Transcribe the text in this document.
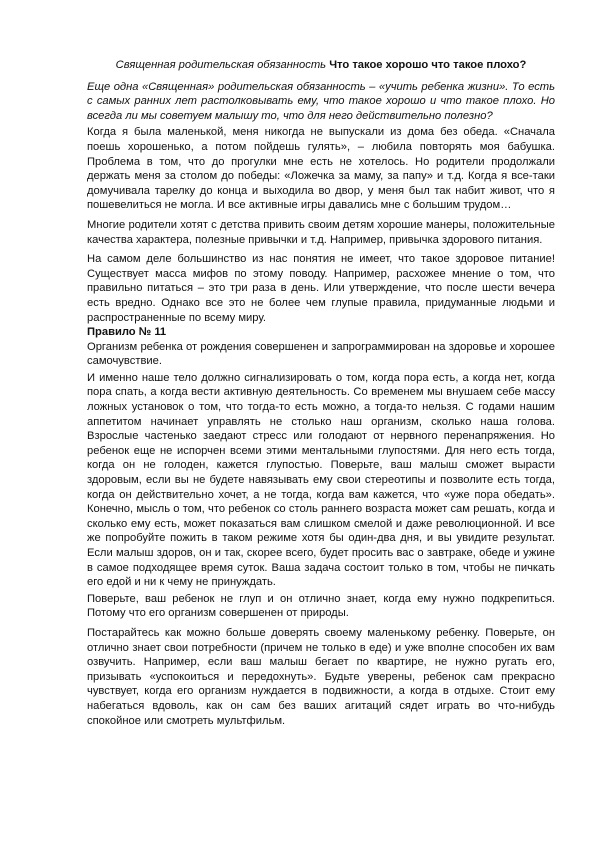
Священная родительская обязанность Что такое хорошо что такое плохо?

Еще одна «Священная» родительская обязанность – «учить ребенка жизни». То есть с самых ранних лет растолковывать ему, что такое хорошо и что такое плохо. Но всегда ли мы советуем малышу то, что для него действительно полезно?

Когда я была маленькой, меня никогда не выпускали из дома без обеда. «Сначала поешь хорошенько, а потом пойдешь гулять», – любила повторять моя бабушка. Проблема в том, что до прогулки мне есть не хотелось. Но родители продолжали держать меня за столом до победы: «Ложечка за маму, за папу» и т.д. Когда я все-таки домучивала тарелку до конца и выходила во двор, у меня был так набит живот, что я пошевелиться не могла. И все активные игры давались мне с большим трудом…

Многие родители хотят с детства привить своим детям хорошие манеры, положительные качества характера, полезные привычки и т.д. Например, привычка здорового питания.

На самом деле большинство из нас понятия не имеет, что такое здоровое питание! Существует масса мифов по этому поводу. Например, расхожее мнение о том, что правильно питаться – это три раза в день. Или утверждение, что после шести вечера есть вредно. Однако все это не более чем глупые правила, придуманные людьми и распространенные по всему миру.

Правило № 11

Организм ребенка от рождения совершенен и запрограммирован на здоровье и хорошее самочувствие.

И именно наше тело должно сигнализировать о том, когда пора есть, а когда нет, когда пора спать, а когда вести активную деятельность. Со временем мы внушаем себе массу ложных установок о том, что тогда-то есть можно, а тогда-то нельзя. С годами нашим аппетитом начинает управлять не столько наш организм, сколько наша голова. Взрослые частенько заедают стресс или голодают от нервного перенапряжения. Но ребенок еще не испорчен всеми этими ментальными глупостями. Для него есть тогда, когда он не голоден, кажется глупостью. Поверьте, ваш малыш сможет вырасти здоровым, если вы не будете навязывать ему свои стереотипы и позволите есть тогда, когда он действительно хочет, а не тогда, когда вам кажется, что «уже пора обедать». Конечно, мысль о том, что ребенок со столь раннего возраста может сам решать, когда и сколько ему есть, может показаться вам слишком смелой и даже революционной. И все же попробуйте пожить в таком режиме хотя бы один-два дня, и вы увидите результат. Если малыш здоров, он и так, скорее всего, будет просить вас о завтраке, обеде и ужине в самое подходящее время суток. Ваша задача состоит только в том, чтобы не пичкать его едой и ни к чему не принуждать.

Поверьте, ваш ребенок не глуп и он отлично знает, когда ему нужно подкрепиться. Потому что его организм совершенен от природы.

Постарайтесь как можно больше доверять своему маленькому ребенку. Поверьте, он отлично знает свои потребности (причем не только в еде) и уже вполне способен их вам озвучить. Например, если ваш малыш бегает по квартире, не нужно ругать его, призывать «успокоиться и передохнуть». Будьте уверены, ребенок сам прекрасно чувствует, когда его организм нуждается в подвижности, а когда в отдыхе. Стоит ему набегаться вдоволь, как он сам без ваших агитаций сядет играть во что-нибудь спокойное или смотреть мультфильм.
